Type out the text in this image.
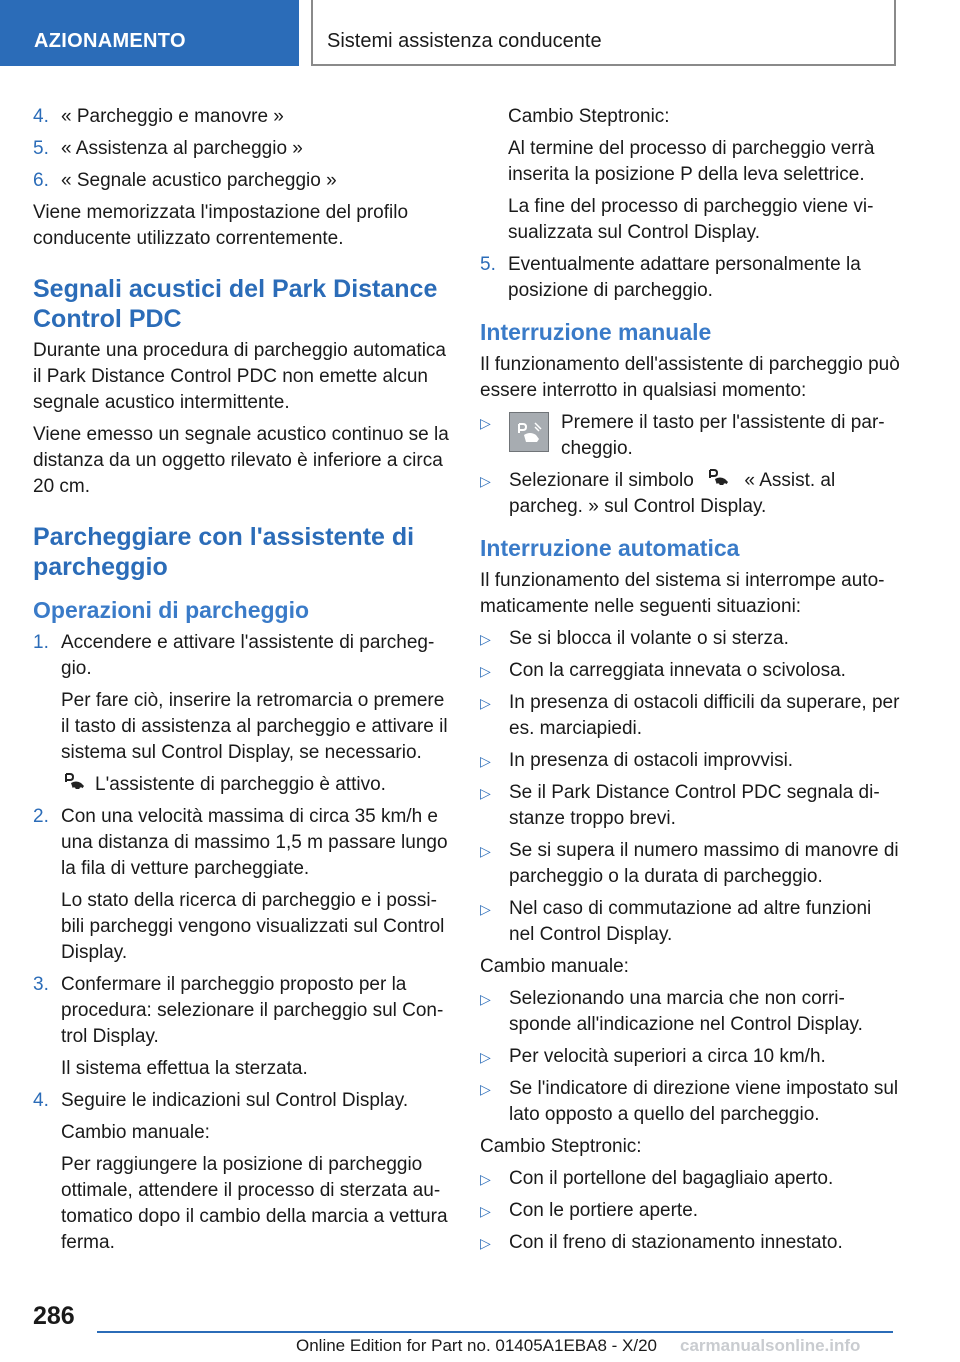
AZIONAMENTO	Sistemi assistenza conducente
4. « Parcheggio e manovre »
5. « Assistenza al parcheggio »
6. « Segnale acustico parcheggio »

Viene memorizzata l'impostazione del profilo conducente utilizzato correntemente.

Segnali acustici del Park Distance Control PDC

Durante una procedura di parcheggio automatica il Park Distance Control PDC non emette alcun segnale acustico intermittente.

Viene emesso un segnale acustico continuo se la distanza da un oggetto rilevato è inferiore a circa 20 cm.

Parcheggiare con l'assistente di parcheggio
Operazioni di parcheggio
1. Accendere e attivare l'assistente di parcheggio.

Per fare ciò, inserire la retromarcia o premere il tasto di assistenza al parcheggio e attivare il sistema sul Control Display, se necessario.

L'assistente di parcheggio è attivo.

2. Con una velocità massima di circa 35 km/h e una distanza di massimo 1,5 m passare lungo la fila di vetture parcheggiate.

Lo stato della ricerca di parcheggio e i possibili parcheggi vengono visualizzati sul Control Display.

3. Confermare il parcheggio proposto per la procedura: selezionare il parcheggio sul Control Display.

Il sistema effettua la sterzata.

4. Seguire le indicazioni sul Control Display.

Cambio manuale:

Per raggiungere la posizione di parcheggio ottimale, attendere il processo di sterzata automatico dopo il cambio della marcia a vettura ferma.

Cambio Steptronic:

Al termine del processo di parcheggio verrà inserita la posizione P della leva selettrice.

La fine del processo di parcheggio viene visualizzata sul Control Display.

5. Eventualmente adattare personalmente la posizione di parcheggio.
Interruzione manuale

Il funzionamento dell'assistente di parcheggio può essere interrotto in qualsiasi momento:

▷	Premere il tasto per l'assistente di parcheggio.
▷ Selezionare il simbolo	« Assist. al parcheg. » sul Control Display.
Interruzione automatica

Il funzionamento del sistema si interrompe automaticamente nelle seguenti situazioni:

▷ Se si blocca il volante o si sterza.
▷ Con la carreggiata innevata o scivolosa.
▷ In presenza di ostacoli difficili da superare, per es. marciapiedi.
▷ In presenza di ostacoli improvvisi.
▷ Se il Park Distance Control PDC segnala distanze troppo brevi.
▷ Se si supera il numero massimo di manovre di parcheggio o la durata di parcheggio.
▷ Nel caso di commutazione ad altre funzioni nel Control Display.

Cambio manuale:

▷ Selezionando una marcia che non corrisponde all'indicazione nel Control Display.
▷ Per velocità superiori a circa 10 km/h.
▷ Se l'indicatore di direzione viene impostato sul lato opposto a quello del parcheggio.

Cambio Steptronic:

▷ Con il portellone del bagagliaio aperto.
▷ Con le portiere aperte.
▷ Con il freno di stazionamento innestato.
286
Online Edition for Part no. 01405A1EBA8 - X/20 carmanualsonline.info
